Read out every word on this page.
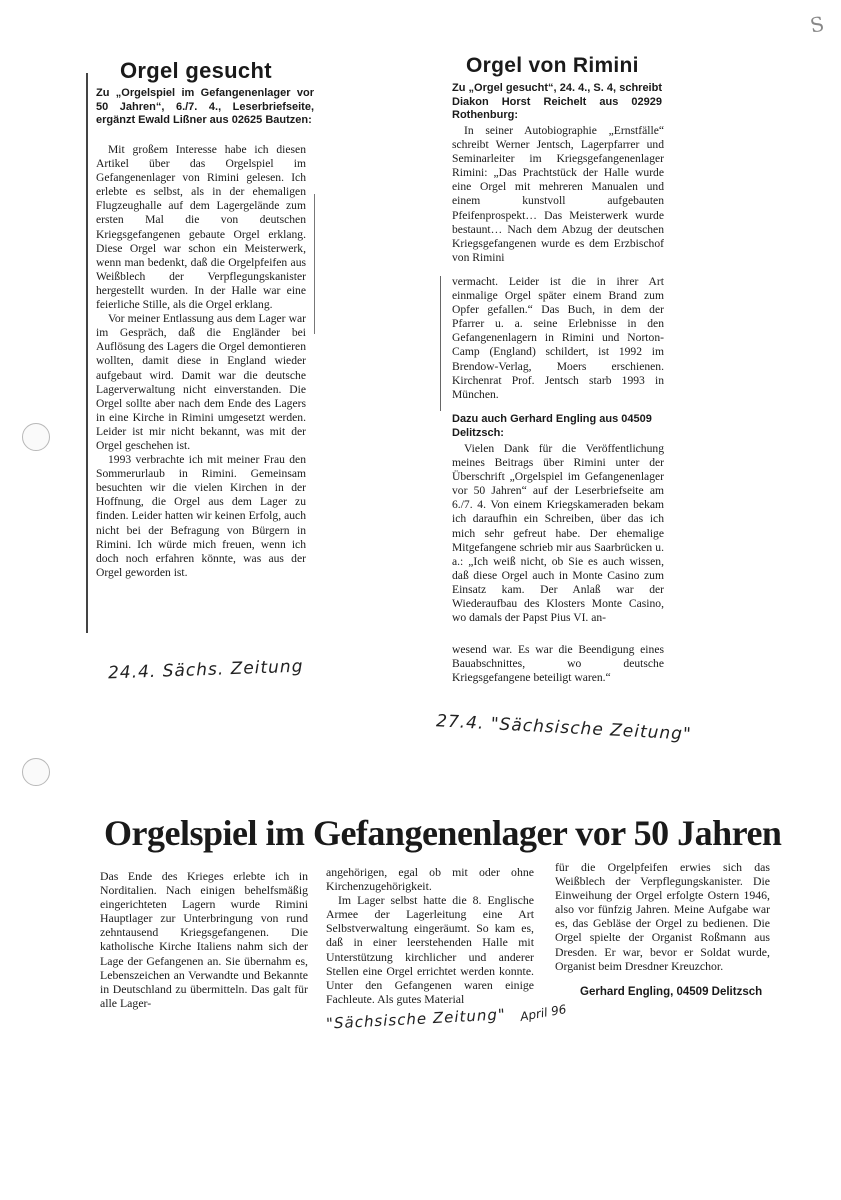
S
Orgel gesucht
Zu „Orgelspiel im Gefangenenlager vor 50 Jahren“, 6./7. 4., Leserbriefseite, ergänzt Ewald Lißner aus 02625 Bautzen:

Mit großem Interesse habe ich diesen Artikel über das Orgelspiel im Gefangenenlager von Rimini gelesen. Ich erlebte es selbst, als in der ehemaligen Flugzeughalle auf dem Lagergelände zum ersten Mal die von deutschen Kriegsgefangenen gebaute Orgel erklang. Diese Orgel war schon ein Meisterwerk, wenn man bedenkt, daß die Orgelpfeifen aus Weißblech der Verpflegungskanister hergestellt wurden. In der Halle war eine feierliche Stille, als die Orgel erklang.

Vor meiner Entlassung aus dem Lager war im Gespräch, daß die Engländer bei Auflösung des Lagers die Orgel demontieren wollten, damit diese in England wieder aufgebaut wird. Damit war die deutsche Lagerverwaltung nicht einverstanden. Die Orgel sollte aber nach dem Ende des Lagers in eine Kirche in Rimini umgesetzt werden. Leider ist mir nicht bekannt, was mit der Orgel geschehen ist.

1993 verbrachte ich mit meiner Frau den Sommerurlaub in Rimini. Gemeinsam besuchten wir die vielen Kirchen in der Hoffnung, die Orgel aus dem Lager zu finden. Leider hatten wir keinen Erfolg, auch nicht bei der Befragung von Bürgern in Rimini. Ich würde mich freuen, wenn ich doch noch erfahren könnte, was aus der Orgel geworden ist.

24.4. Sächs. Zeitung
Orgel von Rimini
Zu „Orgel gesucht“, 24. 4., S. 4, schreibt Diakon Horst Reichelt aus 02929 Rothenburg:

In seiner Autobiographie „Ernstfälle“ schreibt Werner Jentsch, Lagerpfarrer und Seminarleiter im Kriegsgefangenenlager Rimini: „Das Prachtstück der Halle wurde eine Orgel mit mehreren Manualen und einem kunstvoll aufgebauten Pfeifenprospekt… Das Meisterwerk wurde bestaunt… Nach dem Abzug der deutschen Kriegsgefangenen wurde es dem Erzbischof von Rimini

vermacht. Leider ist die in ihrer Art einmalige Orgel später einem Brand zum Opfer gefallen.“ Das Buch, in dem der Pfarrer u. a. seine Erlebnisse in den Gefangenenlagern in Rimini und Norton-Camp (England) schildert, ist 1992 im Brendow-Verlag, Moers erschienen. Kirchenrat Prof. Jentsch starb 1993 in München.
Dazu auch Gerhard Engling aus 04509 Delitzsch:

Vielen Dank für die Veröffentlichung meines Beitrags über Rimini unter der Überschrift „Orgelspiel im Gefangenenlager vor 50 Jahren“ auf der Leserbriefseite am 6./7. 4. Von einem Kriegskameraden bekam ich daraufhin ein Schreiben, über das ich mich sehr gefreut habe. Der ehemalige Mitgefangene schrieb mir aus Saarbrücken u. a.: „Ich weiß nicht, ob Sie es auch wissen, daß diese Orgel auch in Monte Casino zum Einsatz kam. Der Anlaß war der Wiederaufbau des Klosters Monte Casino, wo damals der Papst Pius VI. an-

wesend war. Es war die Beendigung eines Bauabschnittes, wo deutsche Kriegsgefangene beteiligt waren.“
27.4. "Sächsische Zeitung"
Orgelspiel im Gefangenenlager vor 50 Jahren
Das Ende des Krieges erlebte ich in Norditalien. Nach einigen behelfsmäßig eingerichteten Lagern wurde Rimini Hauptlager zur Unterbringung von rund zehntausend Kriegsgefangenen. Die katholische Kirche Italiens nahm sich der Lage der Gefangenen an. Sie übernahm es, Lebenszeichen an Verwandte und Bekannte in Deutschland zu übermitteln. Das galt für alle Lager-

angehörigen, egal ob mit oder ohne Kirchenzugehörigkeit.

Im Lager selbst hatte die 8. Englische Armee der Lagerleitung eine Art Selbstverwaltung eingeräumt. So kam es, daß in einer leerstehenden Halle mit Unterstützung kirchlicher und anderer Stellen eine Orgel errichtet werden konnte. Unter den Gefangenen waren einige Fachleute. Als gutes Material

für die Orgelpfeifen erwies sich das Weißblech der Verpflegungskanister. Die Einweihung der Orgel erfolgte Ostern 1946, also vor fünfzig Jahren. Meine Aufgabe war es, das Gebläse der Orgel zu bedienen. Die Orgel spielte der Organist Roßmann aus Dresden. Er war, bevor er Soldat wurde, Organist beim Dresdner Kreuzchor.
Gerhard Engling, 04509 Delitzsch
"Sächsische Zeitung" April 96
